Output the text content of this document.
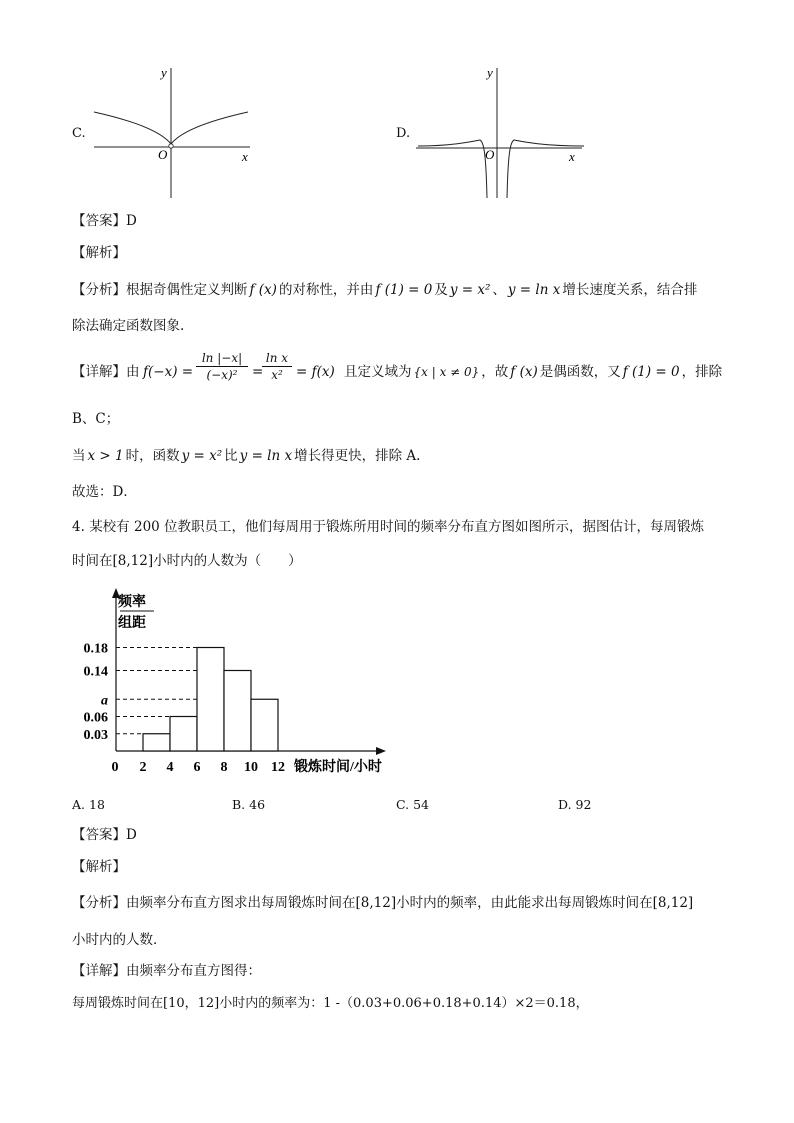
y
x
O
C.
y
x
O
D.
【答案】D
【解析】
【分析】根据奇偶性定义判断 f (x) 的对称性，并由 f (1) = 0 及 y = x² 、 y = ln x 增长速度关系，结合排
除法确定函数图象.
【详解】 由 $f(-x) = \frac{\ln |-x|}{\text{(−x)²}}$ =
$\frac{\text{ln x}}{\text{x²}} = f(x)$ 且定义域为 {x | x ≠ 0} ，故 f (x) 是偶函数，又 f (1) = 0 ，排除
B、C；
当 x > 1 时，函数 y = x² 比 y = ln x 增长得更快，排除 A.
故选：D．
4. 某校有 200 位教职员工，他们每周用于锻炼所用时间的频率分布直方图如图所示，据图估计，每周锻炼
时间在[8,12]小时内的人数为（　　）
频率
组距
锻炼时间/小时
0.18
0.14
a
0.06
0.03
0 2 4 6 8 10 12
A. 18	B. 46	C. 54	D. 92
【答案】D
【解析】
【分析】由频率分布直方图求出每周锻炼时间在[8,12]小时内的频率，由此能求出每周锻炼时间在[8,12]
小时内的人数．
【详解】由频率分布直方图得：
每周锻炼时间在[10，12]小时内的频率为：1 -（0.03+0.06+0.18+0.14）×2＝0.18，
